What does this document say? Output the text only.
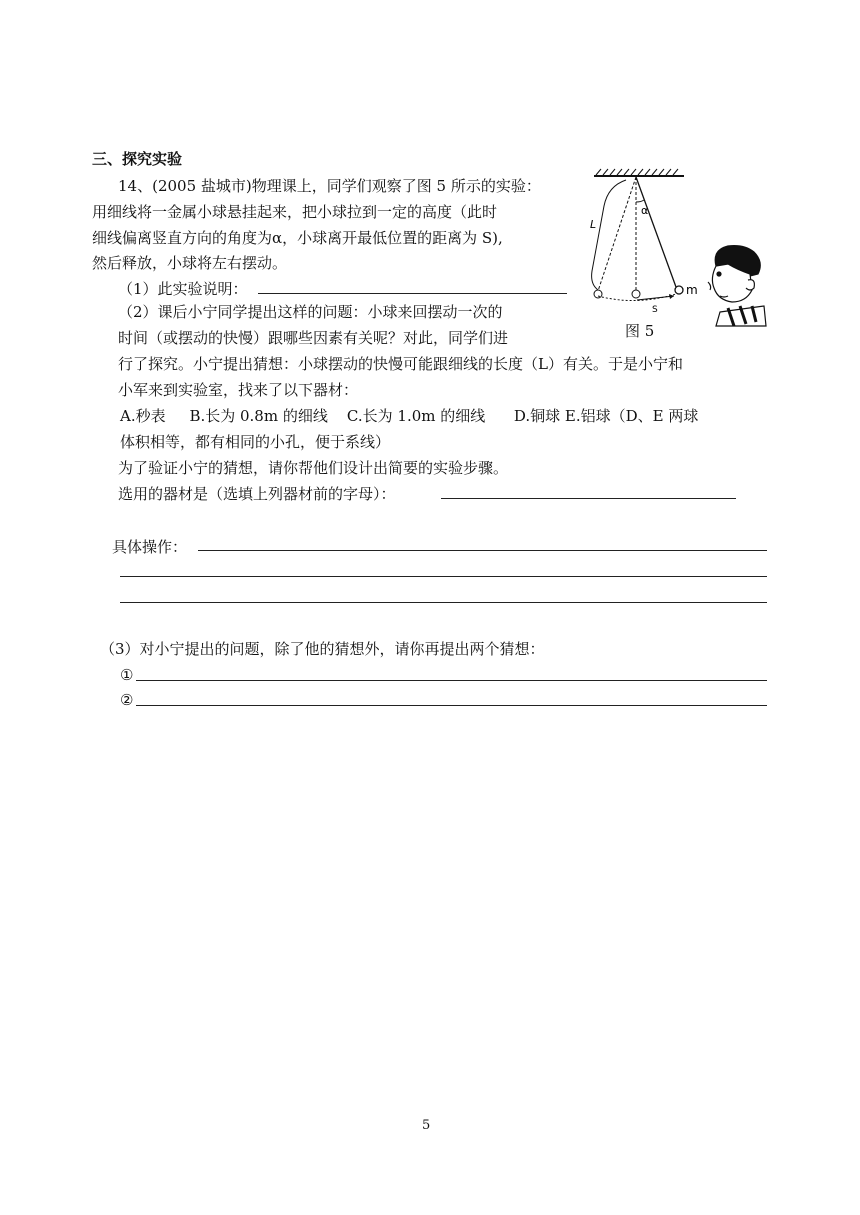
三、探究实验
14、(2005 盐城市)物理课上，同学们观察了图 5 所示的实验：
用细线将一金属小球悬挂起来，把小球拉到一定的高度（此时
细线偏离竖直方向的角度为α，小球离开最低位置的距离为 S),
然后释放，小球将左右摆动。
（1）此实验说明：
（2）课后小宁同学提出这样的问题：小球来回摆动一次的
时间（或摆动的快慢）跟哪些因素有关呢？对此，同学们进
行了探究。小宁提出猜想：小球摆动的快慢可能跟细线的长度（L）有关。于是小宁和
小军来到实验室，找来了以下器材：
A.秒表     B.长为 0.8m 的细线    C.长为 1.0m 的细线      D.铜球 E.铝球（D、E 两球
体积相等，都有相同的小孔，便于系线）
为了验证小宁的猜想，请你帮他们设计出简要的实验步骤。
选用的器材是（选填上列器材前的字母）：
具体操作：
（3）对小宁提出的问题，除了他的猜想外，请你再提出两个猜想：
①
②
L
α
S
m
图 5
5
